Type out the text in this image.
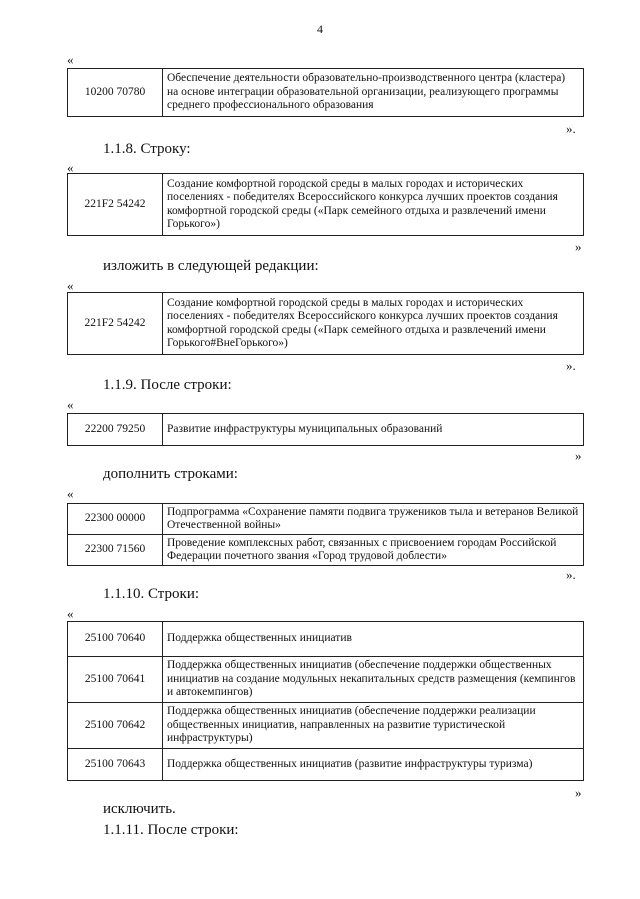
4
«
10200 70780	Обеспечение деятельности образовательно-производственного центра (кластера) на основе интеграции образовательной организации, реализующего программы среднего профессионального образования
».
1.1.8. Строку:
«
221F2 54242	Создание комфортной городской среды в малых городах и исторических поселениях - победителях Всероссийского конкурса лучших проектов создания комфортной городской среды («Парк семейного отдыха и развлечений имени Горького»)
»
изложить в следующей редакции:
«
221F2 54242	Создание комфортной городской среды в малых городах и исторических поселениях - победителях Всероссийского конкурса лучших проектов создания комфортной городской среды («Парк семейного отдыха и развлечений имени Горького#ВнеГорького»)
».
1.1.9. После строки:
«
22200 79250	Развитие инфраструктуры муниципальных образований
»
дополнить строками:
«
22300 00000	Подпрограмма «Сохранение памяти подвига тружеников тыла и ветеранов Великой Отечественной войны»
22300 71560	Проведение комплексных работ, связанных с присвоением городам Российской Федерации почетного звания «Город трудовой доблести»
».
1.1.10. Строки:
«
25100 70640	Поддержка общественных инициатив
25100 70641	Поддержка общественных инициатив (обеспечение поддержки общественных инициатив на создание модульных некапитальных средств размещения (кемпингов и автокемпингов)
25100 70642	Поддержка общественных инициатив (обеспечение поддержки реализации общественных инициатив, направленных на развитие туристической инфраструктуры)
25100 70643	Поддержка общественных инициатив (развитие инфраструктуры туризма)
»
исключить.
1.1.11. После строки:
